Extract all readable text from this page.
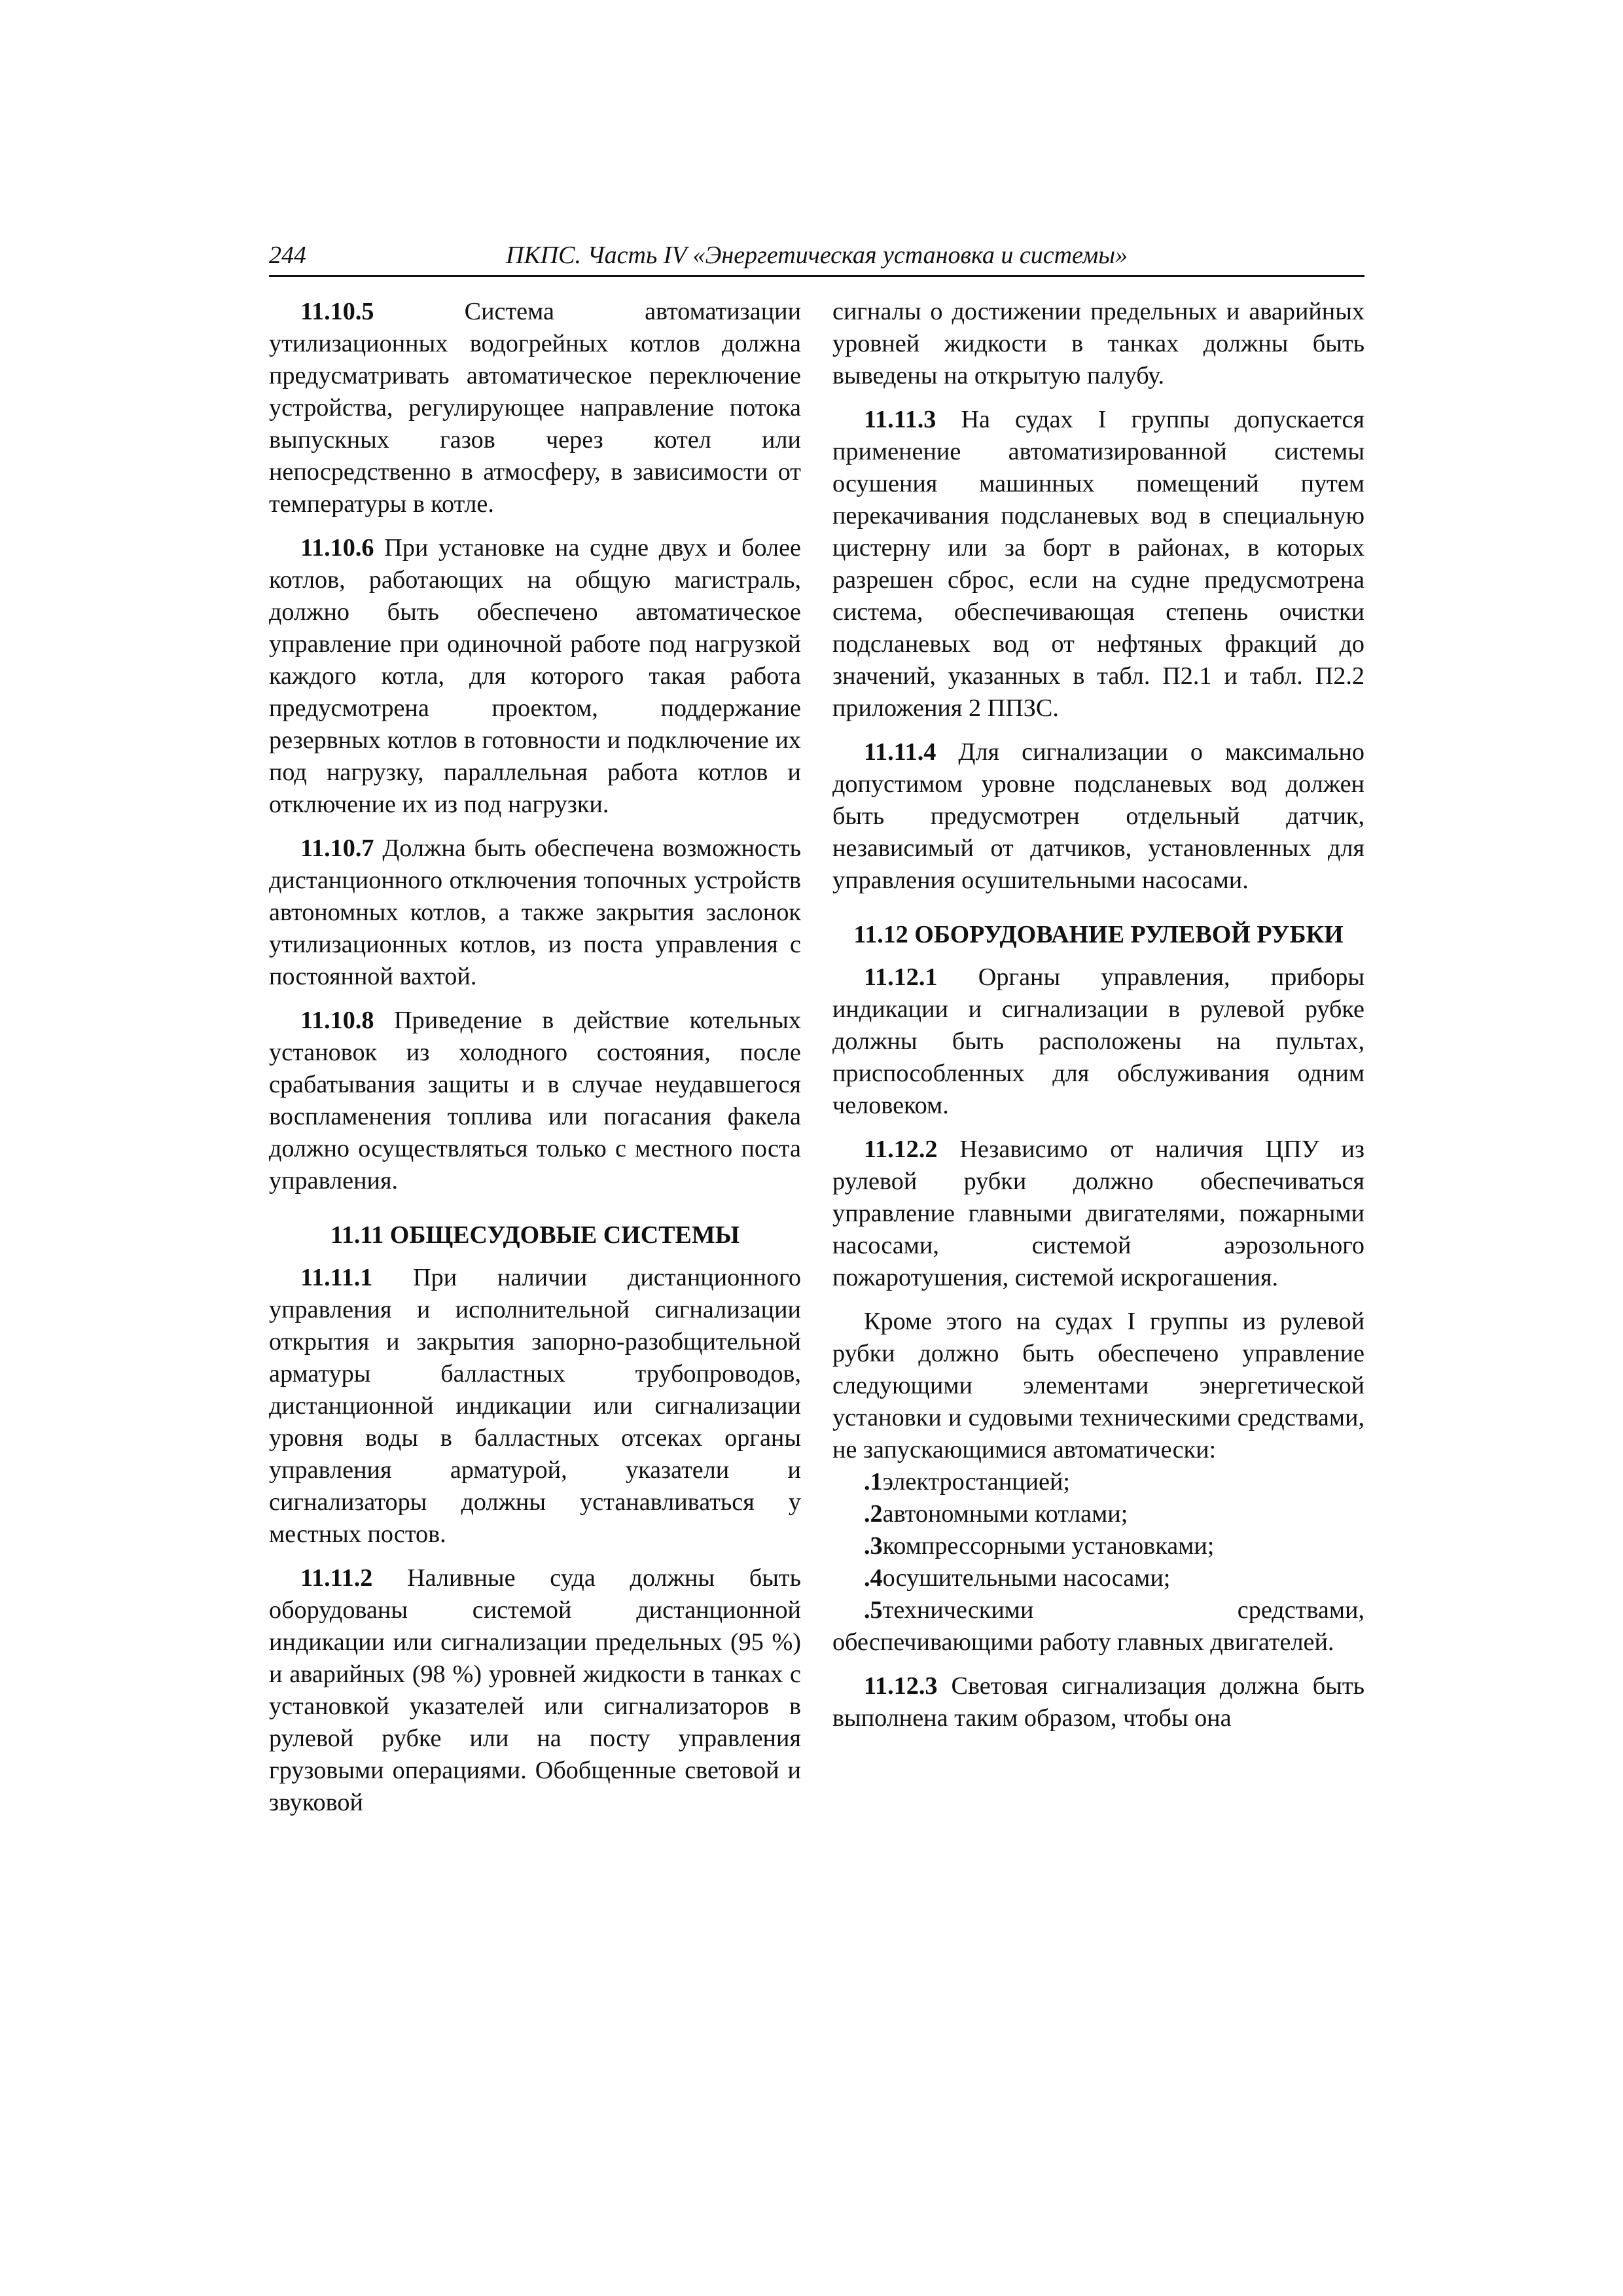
244	ПКПС. Часть IV «Энергетическая установка и системы»

11.10.5	Система автоматизации утилизационных водогрейных котлов должна предусматривать автоматическое переключение устройства, регулирующее направление потока выпускных газов через котел или непосредственно в атмосферу, в зависимости от температуры в котле.

11.10.6 При установке на судне двух и более котлов, работающих на общую магистраль, должно быть обеспечено автоматическое управление при одиночной работе под нагрузкой каждого котла, для которого такая работа предусмотрена проектом, поддержание резервных котлов в готовности и подключение их под нагрузку, параллельная работа котлов и отключение их из под нагрузки.

11.10.7 Должна быть обеспечена возможность дистанционного отключения топочных устройств автономных котлов, а также закрытия заслонок утилизационных котлов, из поста управления с постоянной вахтой.

11.10.8 Приведение в действие котельных установок из холодного состояния, после срабатывания защиты и в случае неудавшегося воспламенения топлива или погасания факела должно осуществляться только с местного поста управления.

11.11 ОБЩЕСУДОВЫЕ СИСТЕМЫ

11.11.1 При наличии дистанционного управления и исполнительной сигнализации открытия и закрытия запорно-разобщительной арматуры балластных трубопроводов, дистанционной индикации или сигнализации уровня воды в балластных отсеках органы управления арматурой, указатели и сигнализаторы должны устанавливаться у местных постов.

11.11.2 Наливные суда должны быть оборудованы системой дистанционной индикации или сигнализации предельных (95 %) и аварийных (98 %) уровней жидкости в танках с установкой указателей или сигнализаторов в рулевой рубке или на посту управления грузовыми операциями. Обобщенные световой и звуковой

сигналы о достижении предельных и аварийных уровней жидкости в танках должны быть выведены на открытую палубу.

11.11.3 На судах I группы допускается применение автоматизированной системы осушения машинных помещений путем перекачивания подсланевых вод в специальную цистерну или за борт в районах, в которых разрешен сброс, если на судне предусмотрена система, обеспечивающая степень очистки подсланевых вод от нефтяных фракций до значений, указанных в табл. П2.1 и табл. П2.2 приложения 2 ППЗС.

11.11.4 Для сигнализации о максимально допустимом уровне подсланевых вод должен быть предусмотрен отдельный датчик, независимый от датчиков, установленных для управления осушительными насосами.

11.12 ОБОРУДОВАНИЕ РУЛЕВОЙ РУБКИ

11.12.1 Органы управления, приборы индикации и сигнализации в рулевой рубке должны быть расположены на пультах, приспособленных для обслуживания одним человеком.

11.12.2 Независимо от наличия ЦПУ из рулевой рубки должно обеспечиваться управление главными двигателями, пожарными насосами, системой аэрозольного пожаротушения, системой искрогашения.

Кроме этого на судах I группы из рулевой рубки должно быть обеспечено управление следующими элементами энергетической установки и судовыми техническими средствами, не запускающимися автоматически:

.1электростанцией;

.2автономными котлами;

.3компрессорными установками;

.4осушительными насосами;

.5техническими средствами, обеспечивающими работу главных двигателей.

11.12.3 Световая сигнализация должна быть выполнена таким образом, чтобы она
